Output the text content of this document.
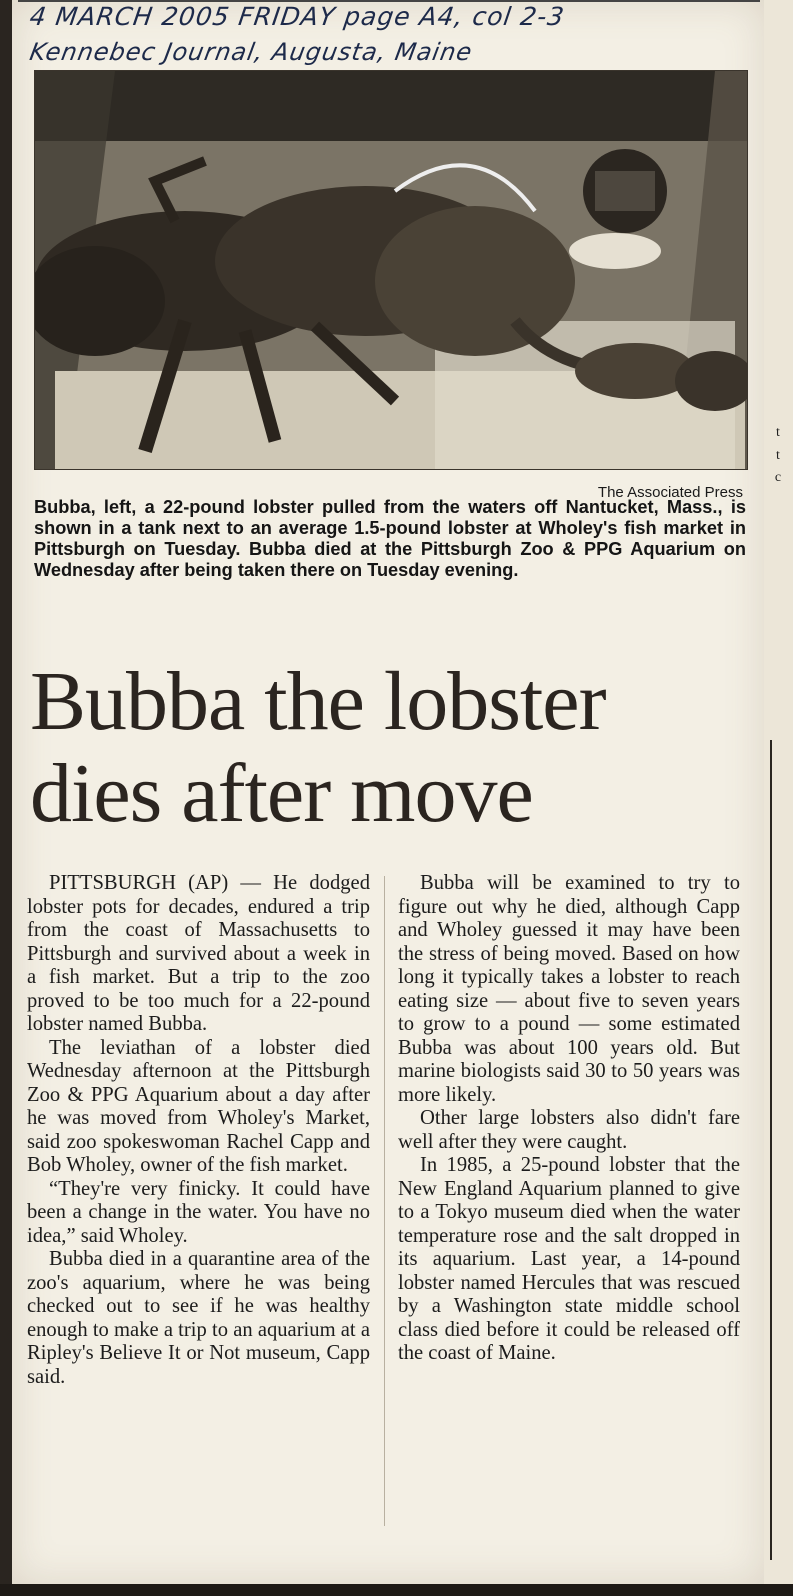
t
t
c
4 MARCH 2005 FRIDAY page A4, col 2-3
Kennebec Journal, Augusta, Maine
The Associated Press
Bubba, left, a 22-pound lobster pulled from the waters off Nantucket, Mass., is shown in a tank next to an average 1.5-pound lobster at Wholey's fish market in Pittsburgh on Tuesday. Bubba died at the Pittsburgh Zoo & PPG Aquarium on Wednesday after being taken there on Tuesday evening.
Bubba the lobster
dies after move

PITTSBURGH (AP) — He dodged lobster pots for decades, endured a trip from the coast of Massachusetts to Pittsburgh and survived about a week in a fish market. But a trip to the zoo proved to be too much for a 22-pound lobster named Bubba.

The leviathan of a lobster died Wednesday afternoon at the Pittsburgh Zoo & PPG Aquarium about a day after he was moved from Wholey's Market, said zoo spokeswoman Rachel Capp and Bob Wholey, owner of the fish market.

“They're very finicky. It could have been a change in the water. You have no idea,” said Wholey.

Bubba died in a quarantine area of the zoo's aquarium, where he was being checked out to see if he was healthy enough to make a trip to an aquarium at a Ripley's Believe It or Not museum, Capp said.

Bubba will be examined to try to figure out why he died, although Capp and Wholey guessed it may have been the stress of being moved. Based on how long it typically takes a lobster to reach eating size — about five to seven years to grow to a pound — some estimated Bubba was about 100 years old. But marine biologists said 30 to 50 years was more likely.

Other large lobsters also didn't fare well after they were caught.

In 1985, a 25-pound lobster that the New England Aquarium planned to give to a Tokyo museum died when the water temperature rose and the salt dropped in its aquarium. Last year, a 14-pound lobster named Hercules that was rescued by a Washington state middle school class died before it could be released off the coast of Maine.
